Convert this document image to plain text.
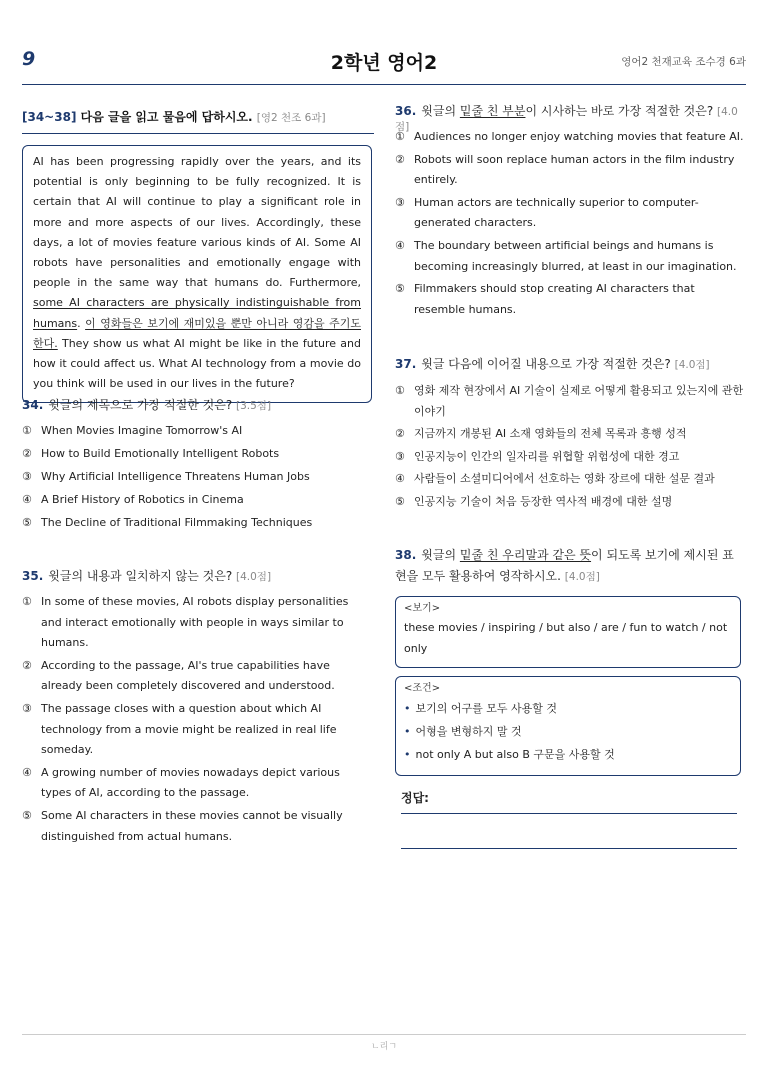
9	2학년 영어2	영어2 천재교육 조수경 6과
[34~38] 다음 글을 읽고 물음에 답하시오. [영2 천조 6과]
AI has been progressing rapidly over the years, and its potential is only beginning to be fully recognized. It is certain that AI will continue to play a significant role in more and more aspects of our lives. Accordingly, these days, a lot of movies feature various kinds of AI. Some AI robots have personalities and emotionally engage with people in the same way that humans do. Furthermore, some AI characters are physically indistinguishable from humans. 이 영화들은 보기에 재미있을 뿐만 아니라 영감을 주기도 한다. They show us what AI might be like in the future and how it could affect us. What AI technology from a movie do you think will be used in our lives in the future?
34. 윗글의 제목으로 가장 적절한 것은? [3.5점]
① When Movies Imagine Tomorrow's AI
② How to Build Emotionally Intelligent Robots
③ Why Artificial Intelligence Threatens Human Jobs
④ A Brief History of Robotics in Cinema
⑤ The Decline of Traditional Filmmaking Techniques
35. 윗글의 내용과 일치하지 않는 것은? [4.0점]
① In some of these movies, AI robots display personalities and interact emotionally with people in ways similar to humans.
② According to the passage, AI's true capabilities have already been completely discovered and understood.
③ The passage closes with a question about which AI technology from a movie might be realized in real life someday.
④ A growing number of movies nowadays depict various types of AI, according to the passage.
⑤ Some AI characters in these movies cannot be visually distinguished from actual humans.
36. 윗글의 밑줄 친 부분이 시사하는 바로 가장 적절한 것은? [4.0점]
① Audiences no longer enjoy watching movies that feature AI.
② Robots will soon replace human actors in the film industry entirely.
③ Human actors are technically superior to computer-generated characters.
④ The boundary between artificial beings and humans is becoming increasingly blurred, at least in our imagination.
⑤ Filmmakers should stop creating AI characters that resemble humans.
37. 윗글 다음에 이어질 내용으로 가장 적절한 것은? [4.0점]
① 영화 제작 현장에서 AI 기술이 실제로 어떻게 활용되고 있는지에 관한 이야기
② 지금까지 개봉된 AI 소재 영화들의 전체 목록과 흥행 성적
③ 인공지능이 인간의 일자리를 위협할 위험성에 대한 경고
④ 사람들이 소셜미디어에서 선호하는 영화 장르에 대한 설문 결과
⑤ 인공지능 기술이 처음 등장한 역사적 배경에 대한 설명
38. 윗글의 밑줄 친 우리말과 같은 뜻이 되도록 보기에 제시된 표현을 모두 활용하여 영작하시오. [4.0점]
<보기>
these movies / inspiring / but also / are / fun to watch / not only
<조건>
• 보기의 어구를 모두 사용할 것
• 어형을 변형하지 말 것
• not only A but also B 구문을 사용할 것
정답:
ㄴ리ㄱ
